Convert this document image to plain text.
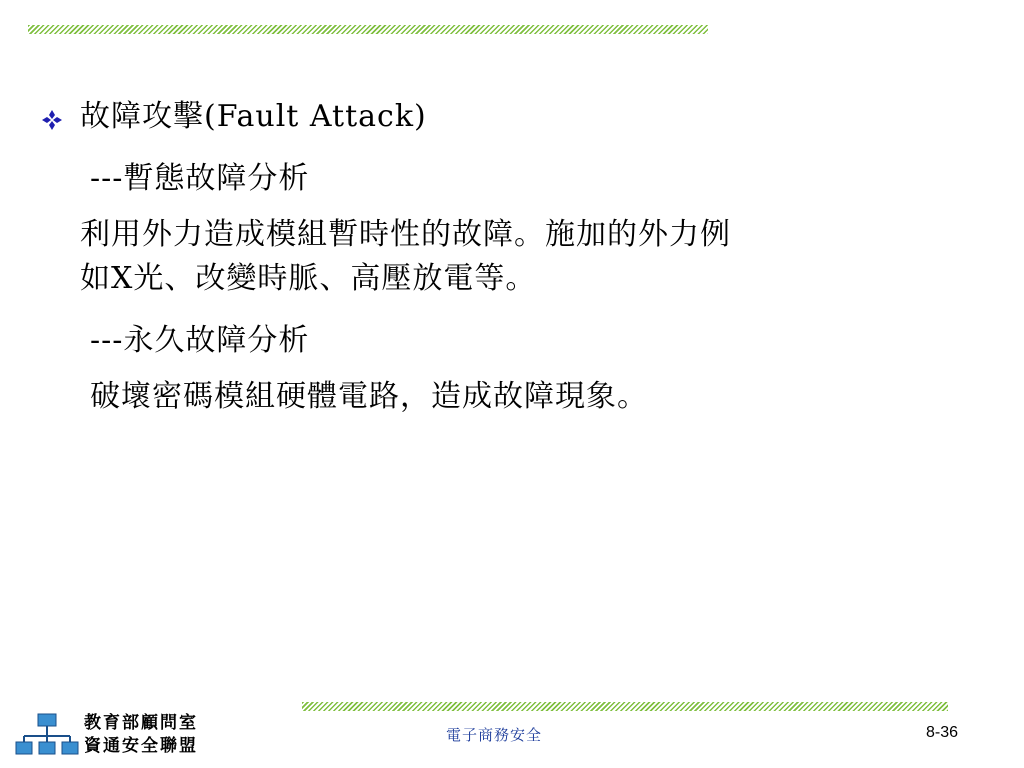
故障攻擊(Fault Attack)
---暫態故障分析
利用外力造成模組暫時性的故障。施加的外力例
如X光、改變時脈、高壓放電等。
---永久故障分析
破壞密碼模組硬體電路，造成故障現象。
教育部顧問室
資通安全聯盟
電子商務安全	8-36
